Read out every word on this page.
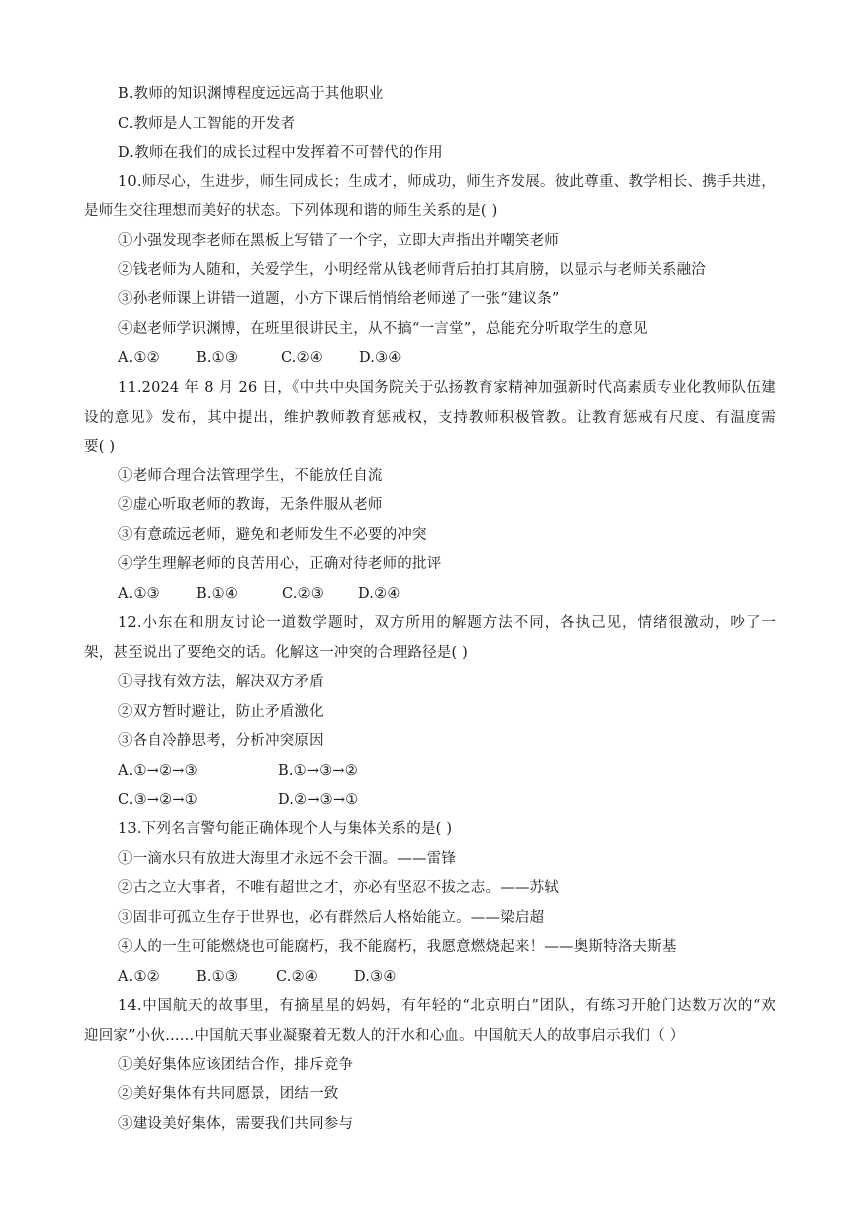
B.教师的知识渊博程度远远高于其他职业
C.教师是人工智能的开发者
D.教师在我们的成长过程中发挥着不可替代的作用
10.师尽心，生进步，师生同成长；生成才，师成功，师生齐发展。彼此尊重、教学相长、携手共进，
是师生交往理想而美好的状态。下列体现和谐的师生关系的是( )
①小强发现李老师在黑板上写错了一个字，立即大声指出并嘲笑老师
②钱老师为人随和，关爱学生，小明经常从钱老师背后拍打其肩膀，以显示与老师关系融洽
③孙老师课上讲错一道题，小方下课后悄悄给老师递了一张“建议条”
④赵老师学识渊博，在班里很讲民主，从不搞“一言堂”，总能充分听取学生的意见
A.①② B.①③	C.②④ D.③④
11.2024 年 8 月 26 日，《中共中央国务院关于弘扬教育家精神加强新时代高素质专业化教师队伍建
设的意见》发布，其中提出，维护教师教育惩戒权，支持教师积极管教。让教育惩戒有尺度、有温度需
要( )
①老师合理合法管理学生，不能放任自流
②虚心听取老师的教诲，无条件服从老师
③有意疏远老师，避免和老师发生不必要的冲突
④学生理解老师的良苦用心，正确对待老师的批评
A.①③ B.①④	C.②③ D.②④
12.小东在和朋友讨论一道数学题时，双方所用的解题方法不同，各执己见，情绪很激动，吵了一
架，甚至说出了要绝交的话。化解这一冲突的合理路径是( )
①寻找有效方法，解决双方矛盾
②双方暂时避让，防止矛盾激化
③各自冷静思考，分析冲突原因
A.①→②→③	B.①→③→②
C.③→②→①	D.②→③→①
13.下列名言警句能正确体现个人与集体关系的是( )
①一滴水只有放进大海里才永远不会干涸。——雷锋
②古之立大事者，不唯有超世之才，亦必有坚忍不拔之志。——苏轼
③固非可孤立生存于世界也，必有群然后人格始能立。——梁启超
④人的一生可能燃烧也可能腐朽，我不能腐朽，我愿意燃烧起来！——奥斯特洛夫斯基
A.①② B.①③	C.②④ D.③④
14.中国航天的故事里，有摘星星的妈妈，有年轻的“北京明白”团队，有练习开舱门达数万次的“欢
迎回家”小伙……中国航天事业凝聚着无数人的汗水和心血。中国航天人的故事启示我们（ ）
①美好集体应该团结合作，排斥竞争
②美好集体有共同愿景，团结一致
③建设美好集体，需要我们共同参与
